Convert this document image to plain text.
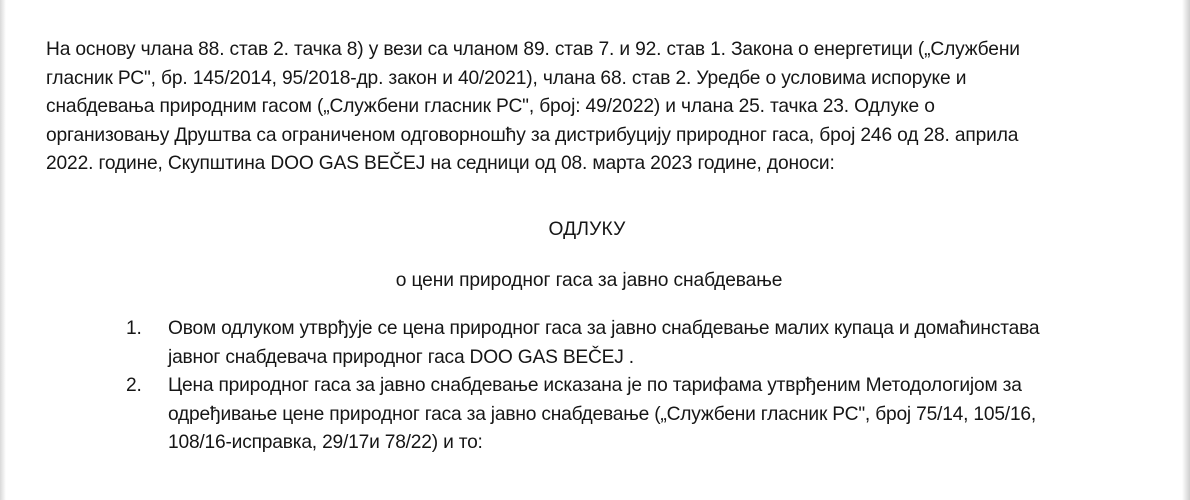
На основу члана 88. став 2. тачка 8) у вези са чланом 89. став 7. и 92. став 1. Закона о енергетици („Службени
гласник РС", бр. 145/2014, 95/2018-др. закон и 40/2021), члана 68. став 2. Уредбе о условима испоруке и
снабдевања природним гасом („Службени гласник РС", број: 49/2022) и члана 25. тачка 23. Одлуке о
организовању Друштва са ограниченом одговорношћу за дистрибуцију природног гаса, број 246 од 28. априла
2022. године, Скупштина DOO GAS BEČEJ на седници од 08. марта 2023 године, доноси:

ОДЛУКУ
о цени природног гаса за јавно снабдевање
1. Овом одлуком утврђује се цена природног гаса за јавно снабдевање малих купаца и домаћинстава
јавног снабдевача природног гаса DOO GAS BEČEJ .
2. Цена природног гаса за јавно снабдевање исказана је по тарифама утврђеним Методологијом за
одређивање цене природног гаса за јавно снабдевање („Службени гласник РС", број 75/14, 105/16,
108/16-исправка, 29/17и 78/22) и то:
